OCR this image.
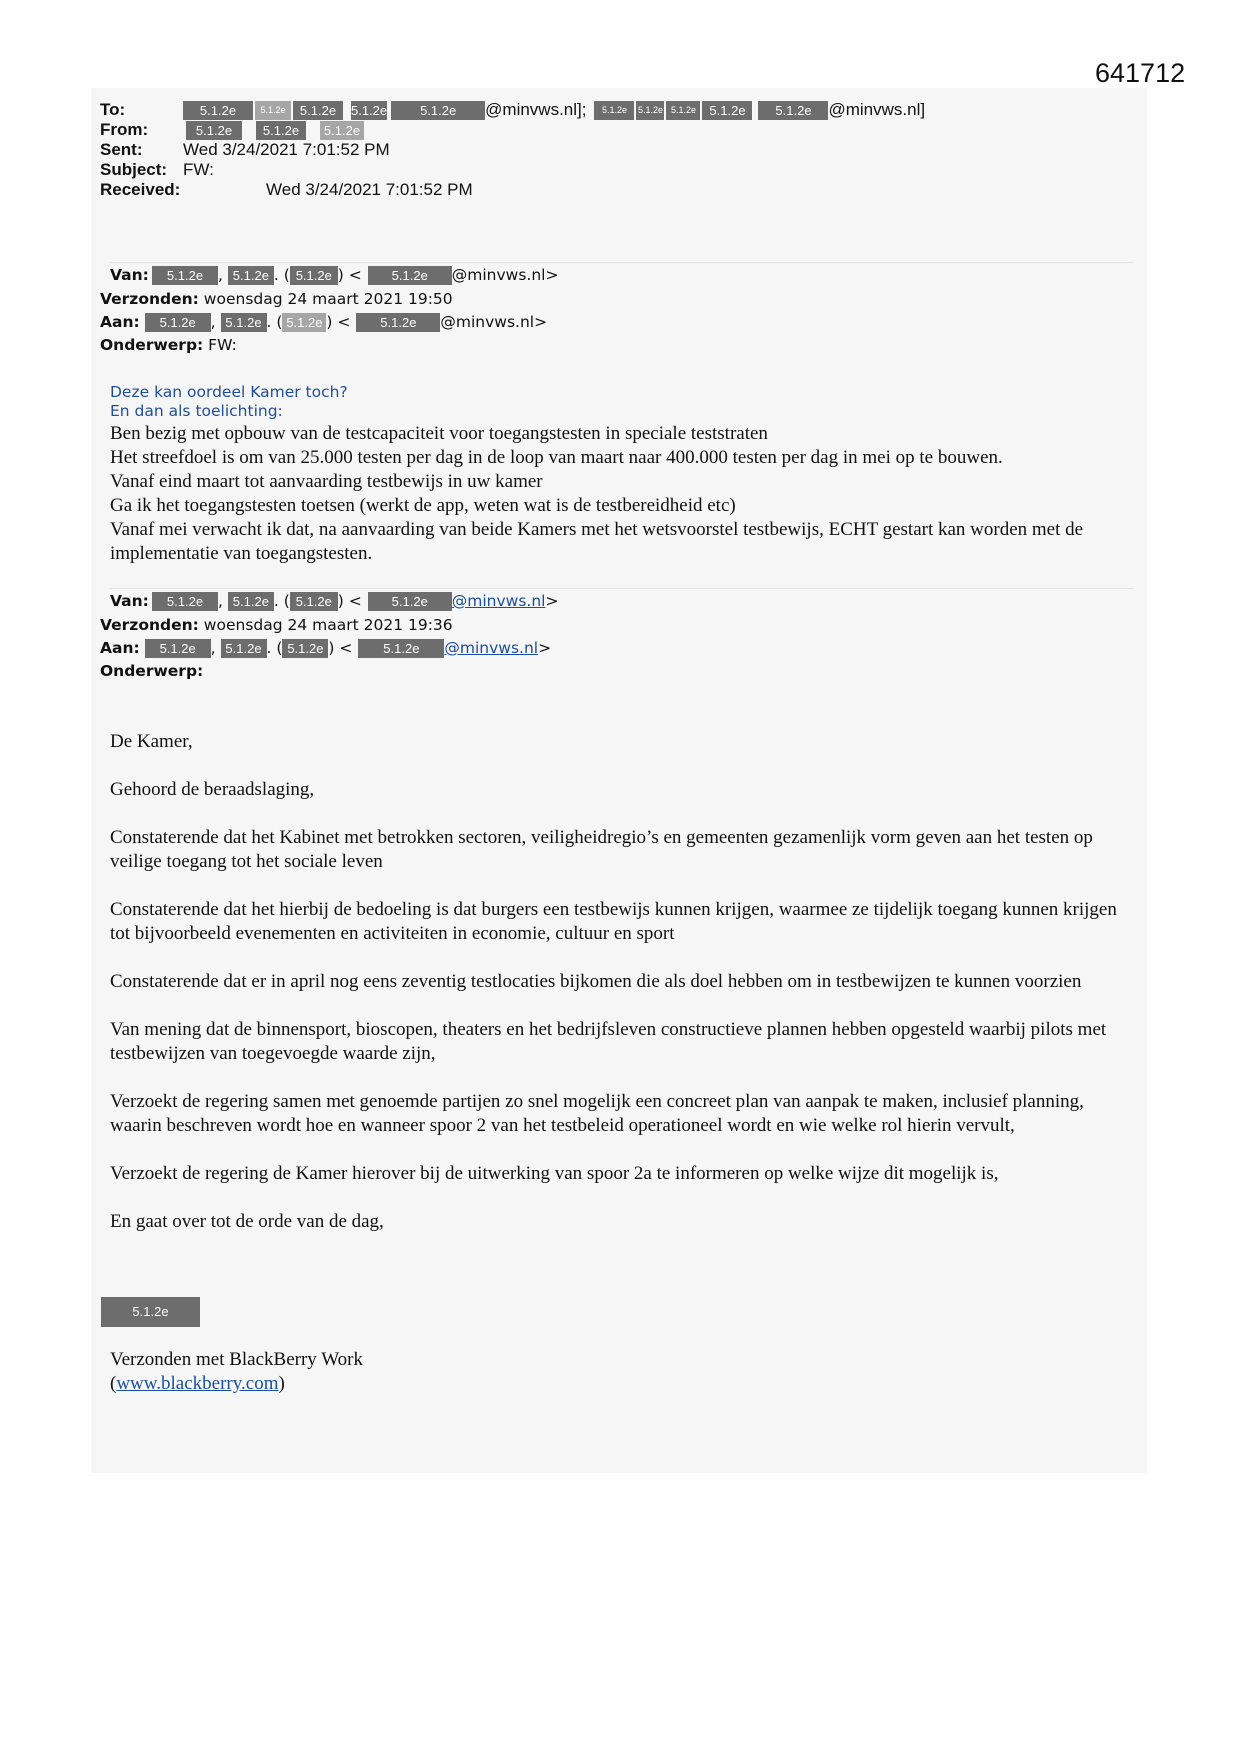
641712
To:	5.1.2e	5.1.2e 5.1.2e 5.1.2e	5.1.2e @minvws.nl]; 5.1.2e 5.1.2e 5.1.2e 5.1.2e 5.1.2e @minvws.nl]
From:	5.1.2e 5.1.2e 5.1.2e
Sent: Wed 3/24/2021 7:01:52 PM
Subject: FW:
Received:	Wed 3/24/2021 7:01:52 PM
Van: 5.1.2e , 5.1.2e . ( 5.1.2e ) < 5.1.2e @minvws.nl>
Verzonden: woensdag 24 maart 2021 19:50
Aan: 5.1.2e , 5.1.2e . ( 5.1.2e ) < 5.1.2e @minvws.nl>
Onderwerp: FW:
Deze kan oordeel Kamer toch?
En dan als toelichting:
Ben bezig met opbouw van de testcapaciteit voor toegangstesten in speciale teststraten
Het streefdoel is om van 25.000 testen per dag in de loop van maart naar 400.000 testen per dag in mei op te bouwen.
Vanaf eind maart tot aanvaarding testbewijs in uw kamer
Ga ik het toegangstesten toetsen (werkt de app, weten wat is de testbereidheid etc)
Vanaf mei verwacht ik dat, na aanvaarding van beide Kamers met het wetsvoorstel testbewijs, ECHT gestart kan worden met de implementatie van toegangstesten.
Van: 5.1.2e , 5.1.2e . ( 5.1.2e ) < 5.1.2e @minvws.nl>
Verzonden: woensdag 24 maart 2021 19:36
Aan: 5.1.2e , 5.1.2e . ( 5.1.2e ) < 5.1.2e @minvws.nl>
Onderwerp:
De Kamer,
Gehoord de beraadslaging,
Constaterende dat het Kabinet met betrokken sectoren, veiligheidregio’s en gemeenten gezamenlijk vorm geven aan het testen op veilige toegang tot het sociale leven
Constaterende dat het hierbij de bedoeling is dat burgers een testbewijs kunnen krijgen, waarmee ze tijdelijk toegang kunnen krijgen tot bijvoorbeeld evenementen en activiteiten in economie, cultuur en sport
Constaterende dat er in april nog eens zeventig testlocaties bijkomen die als doel hebben om in testbewijzen te kunnen voorzien
Van mening dat de binnensport, bioscopen, theaters en het bedrijfsleven constructieve plannen hebben opgesteld waarbij pilots met testbewijzen van toegevoegde waarde zijn,
Verzoekt de regering samen met genoemde partijen zo snel mogelijk een concreet plan van aanpak te maken, inclusief planning, waarin beschreven wordt hoe en wanneer spoor 2 van het testbeleid operationeel wordt en wie welke rol hierin vervult,
Verzoekt de regering de Kamer hierover bij de uitwerking van spoor 2a te informeren op welke wijze dit mogelijk is,
En gaat over tot de orde van de dag,
5.1.2e
Verzonden met BlackBerry Work
(www.blackberry.com)
